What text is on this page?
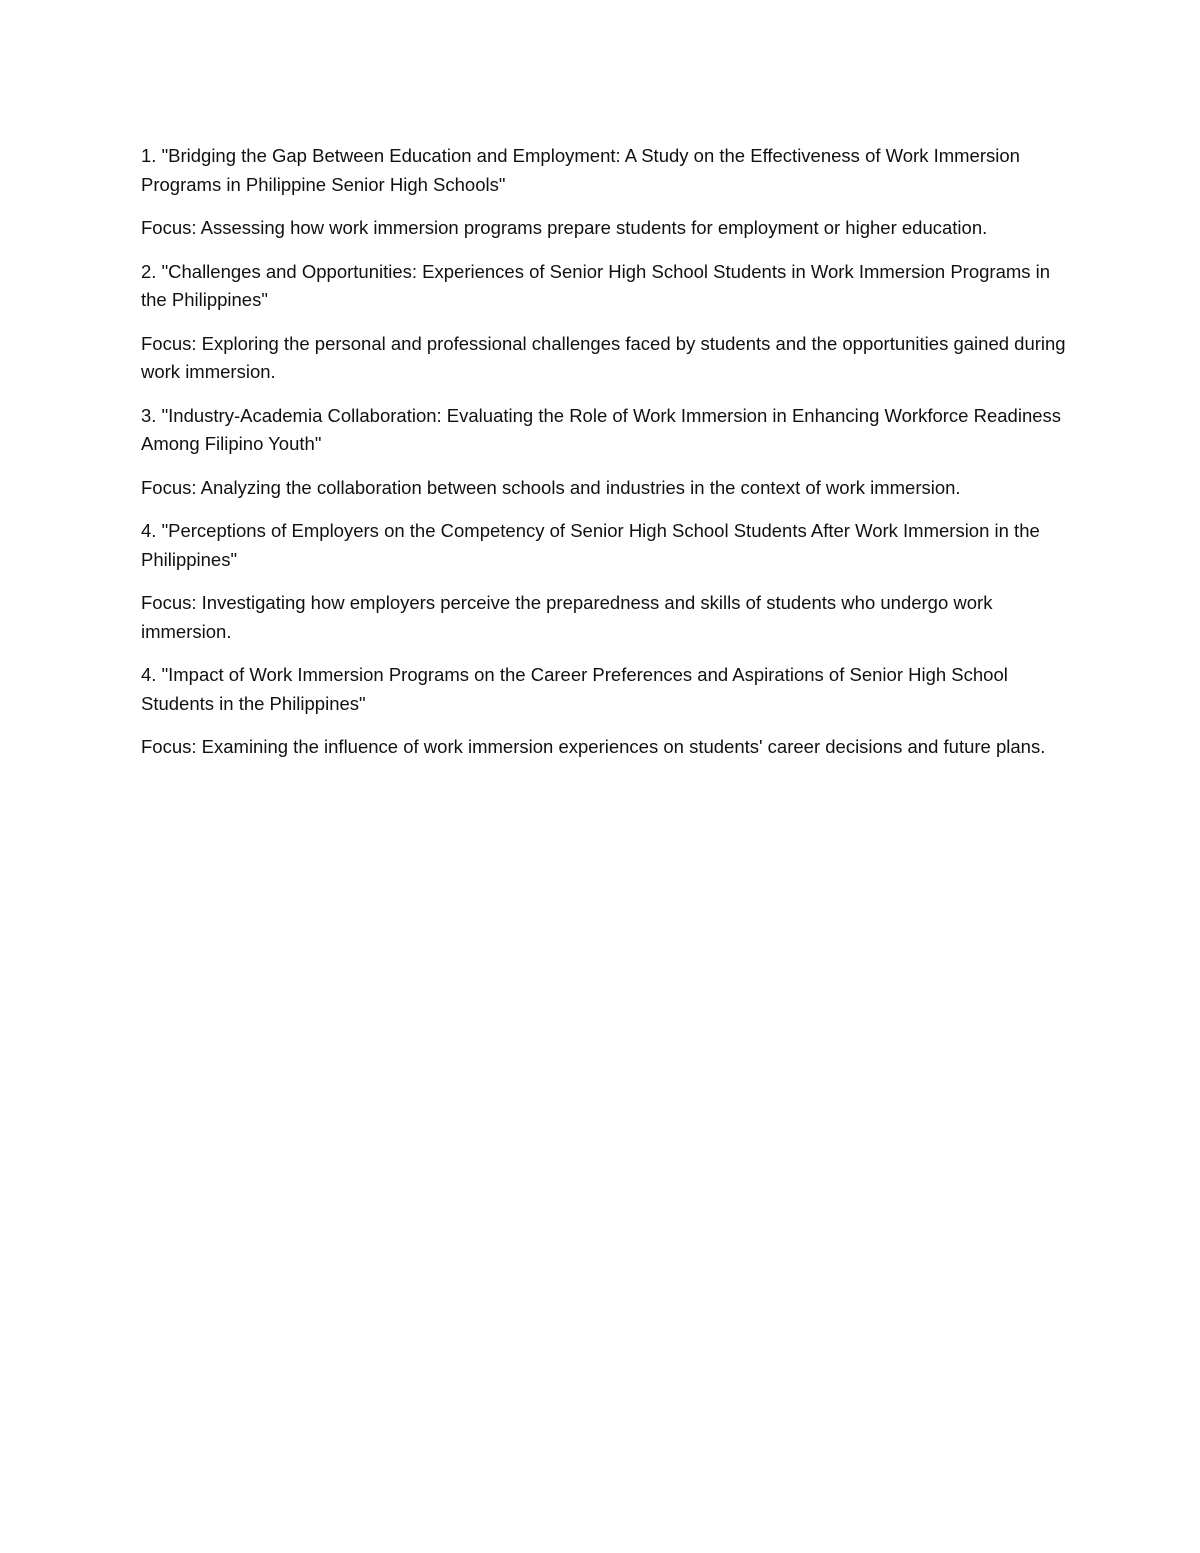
1. "Bridging the Gap Between Education and Employment: A Study on the Effectiveness of Work Immersion Programs in Philippine Senior High Schools"

Focus: Assessing how work immersion programs prepare students for employment or higher education.

2. "Challenges and Opportunities: Experiences of Senior High School Students in Work Immersion Programs in the Philippines"

Focus: Exploring the personal and professional challenges faced by students and the opportunities gained during work immersion.

3. "Industry-Academia Collaboration: Evaluating the Role of Work Immersion in Enhancing Workforce Readiness Among Filipino Youth"

Focus: Analyzing the collaboration between schools and industries in the context of work immersion.

4. "Perceptions of Employers on the Competency of Senior High School Students After Work Immersion in the Philippines"

Focus: Investigating how employers perceive the preparedness and skills of students who undergo work immersion.

4. "Impact of Work Immersion Programs on the Career Preferences and Aspirations of Senior High School Students in the Philippines"

Focus: Examining the influence of work immersion experiences on students' career decisions and future plans.
